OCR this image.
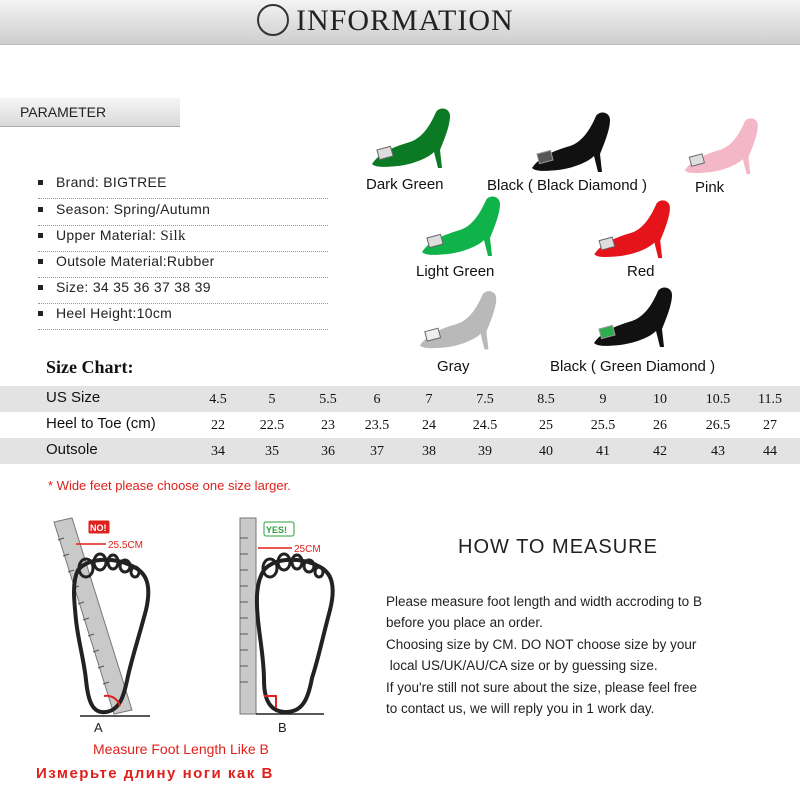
INFORMATION
PARAMETER
Brand: BIGTREE
Season: Spring/Autumn
Upper Material: Silk
Outsole Material:Rubber
Size: 34 35 36 37 38 39
Heel Height:10cm
Dark Green	Black ( Black Diamond )	Pink
Light Green	Red
Gray	Black ( Green Diamond )
Size Chart:
US Size	4.5	5	5.5	6	7	7.5	8.5	9	10	10.5	11.5
Heel to Toe (cm)	22	22.5	23	23.5	24	24.5	25	25.5	26	26.5	27
Outsole	34	35	36	37	38	39	40	41	42	43	44
* Wide feet please choose one size larger.
NO!
25.5CM
A
YES!
25CM
B
Measure Foot Length Like B
Измерьте длину ноги как В
HOW TO MEASURE
Please measure foot length and width accroding to B
before you place an order.
Choosing size by CM. DO NOT choose size by your
local US/UK/AU/CA size or by guessing size.
If you're still not sure about the size, please feel free
to contact us, we will reply you in 1 work day.
